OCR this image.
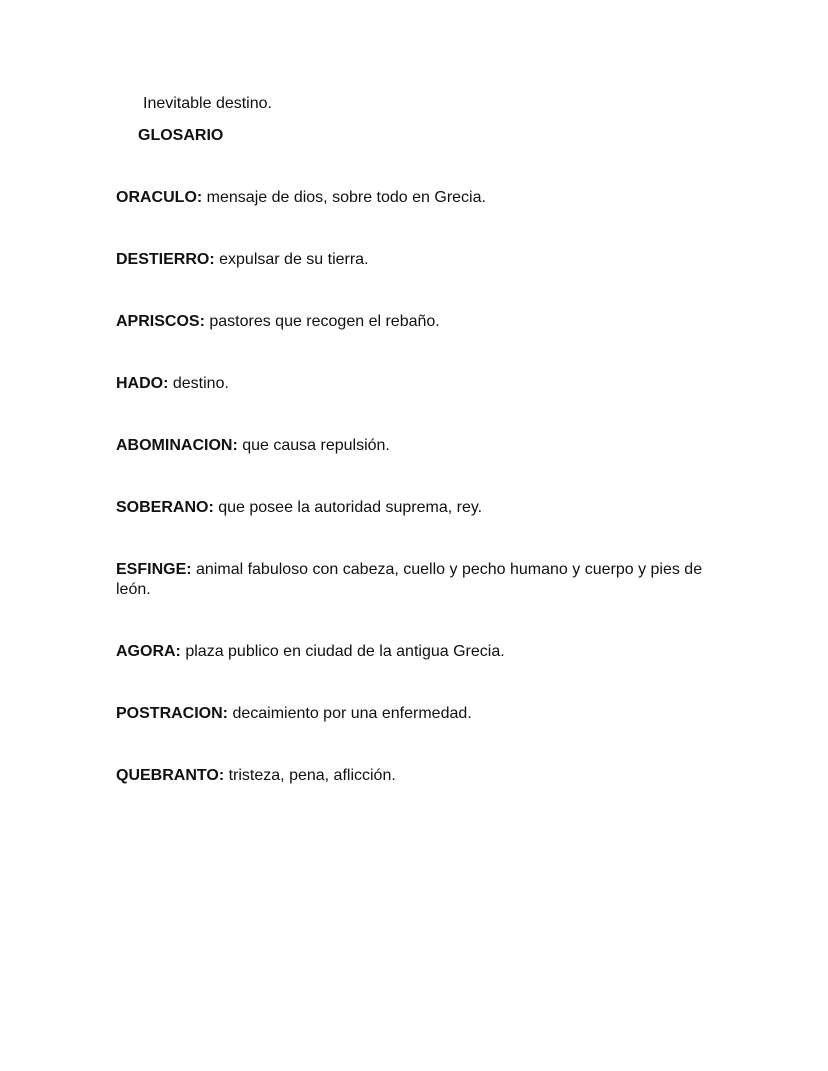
Inevitable destino.
GLOSARIO
ORACULO: mensaje de dios, sobre todo en Grecia.
DESTIERRO: expulsar de su tierra.
APRISCOS: pastores que recogen el rebaño.
HADO: destino.
ABOMINACION: que causa repulsión.
SOBERANO: que posee la autoridad suprema, rey.
ESFINGE: animal fabuloso con cabeza, cuello y pecho humano y cuerpo y pies de león.
AGORA: plaza publico en ciudad de la antigua Grecia.
POSTRACION: decaimiento por una enfermedad.
QUEBRANTO: tristeza, pena, aflicción.
